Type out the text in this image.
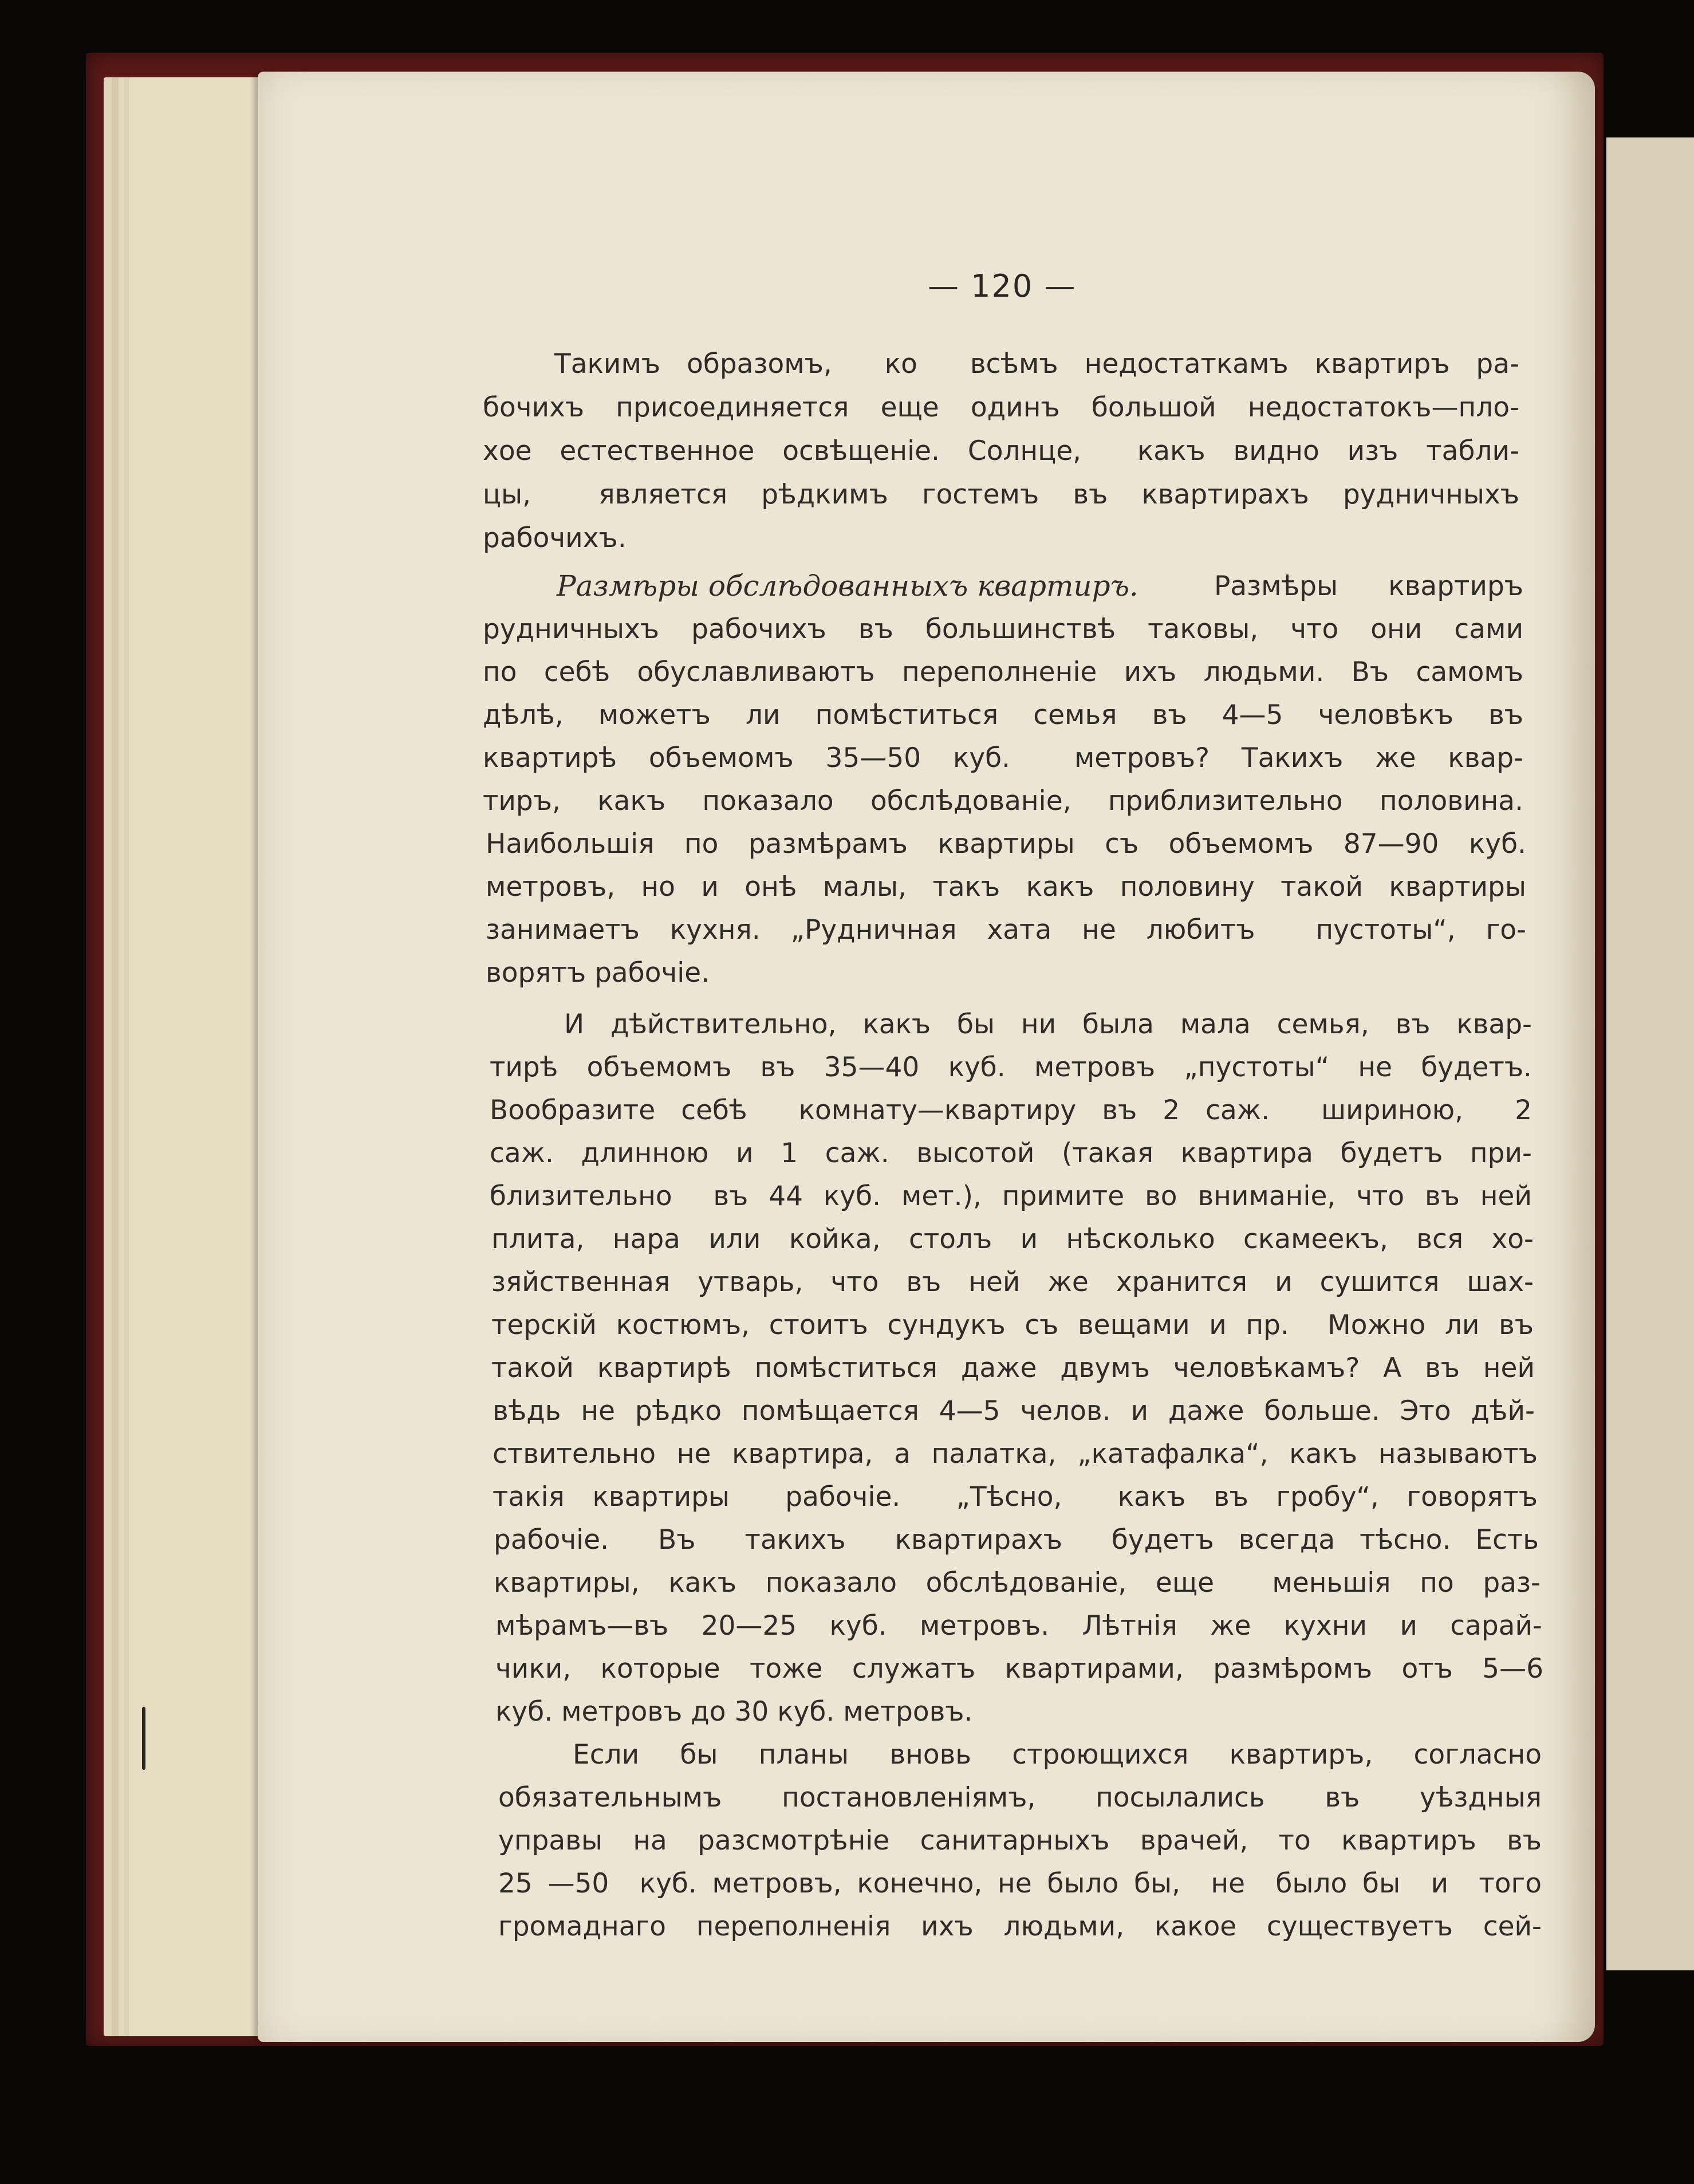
— 120 —
Такимъ образомъ,  ко  всѣмъ недостаткамъ квартиръ ра-
бочихъ присоединяется еще одинъ большой недостатокъ—пло-
хое естественное освѣщеніе. Солнце,  какъ видно изъ табли-
цы,  является рѣдкимъ гостемъ въ квартирахъ рудничныхъ
рабочихъ.
Размѣры обслѣдованныхъ квартиръ.	Размѣры квартиръ
рудничныхъ рабочихъ въ большинствѣ таковы, что они сами
по себѣ обуславливаютъ переполненіе ихъ людьми. Въ самомъ
дѣлѣ, можетъ ли помѣститься семья въ 4—5 человѣкъ въ
квартирѣ объемомъ 35—50 куб.  метровъ? Такихъ же квар-
тиръ, какъ показало обслѣдованіе, приблизительно половина.
Наибольшія по размѣрамъ квартиры съ объемомъ 87—90 куб.
метровъ, но и онѣ малы, такъ какъ половину такой квартиры
занимаетъ кухня. „Рудничная хата не любитъ  пустоты“, го-
ворятъ рабочіе.
И дѣйствительно, какъ бы ни была мала семья, въ квар-
тирѣ объемомъ въ 35—40 куб. метровъ „пустоты“ не будетъ.
Вообразите себѣ  комнату—квартиру въ 2 саж.  шириною,  2
саж. длинною и 1 саж. высотой (такая квартира будетъ при-
близительно  въ 44 куб. мет.), примите во вниманіе, что въ ней
плита, нара или койка, столъ и нѣсколько скамеекъ, вся хо-
зяйственная утварь, что въ ней же хранится и сушится шах-
терскій костюмъ, стоитъ сундукъ съ вещами и пр.  Можно ли въ
такой квартирѣ помѣститься даже двумъ человѣкамъ? А въ ней
вѣдь не рѣдко помѣщается 4—5 челов. и даже больше. Это дѣй-
ствительно не квартира, а палатка, „катафалка“, какъ называютъ
такія квартиры  рабочіе.  „Тѣсно,  какъ въ гробу“, говорятъ
рабочіе.  Въ  такихъ  квартирахъ  будетъ всегда тѣсно. Есть
квартиры, какъ показало обслѣдованіе, еще  меньшія по раз-
мѣрамъ—въ 20—25 куб. метровъ. Лѣтнія же кухни и сарай-
чики, которые тоже служатъ квартирами, размѣромъ отъ 5—6
куб. метровъ до 30 куб. метровъ.
Если  бы  планы  вновь  строющихся  квартиръ,  согласно
обязательнымъ   постановленіямъ,   посылались   въ   уѣздныя
управы на разсмотрѣніе санитарныхъ врачей, то квартиръ въ
25 —50  куб. метровъ, конечно, не было бы,  не  было бы  и  того
громаднаго переполненія ихъ людьми, какое существуетъ сей-
